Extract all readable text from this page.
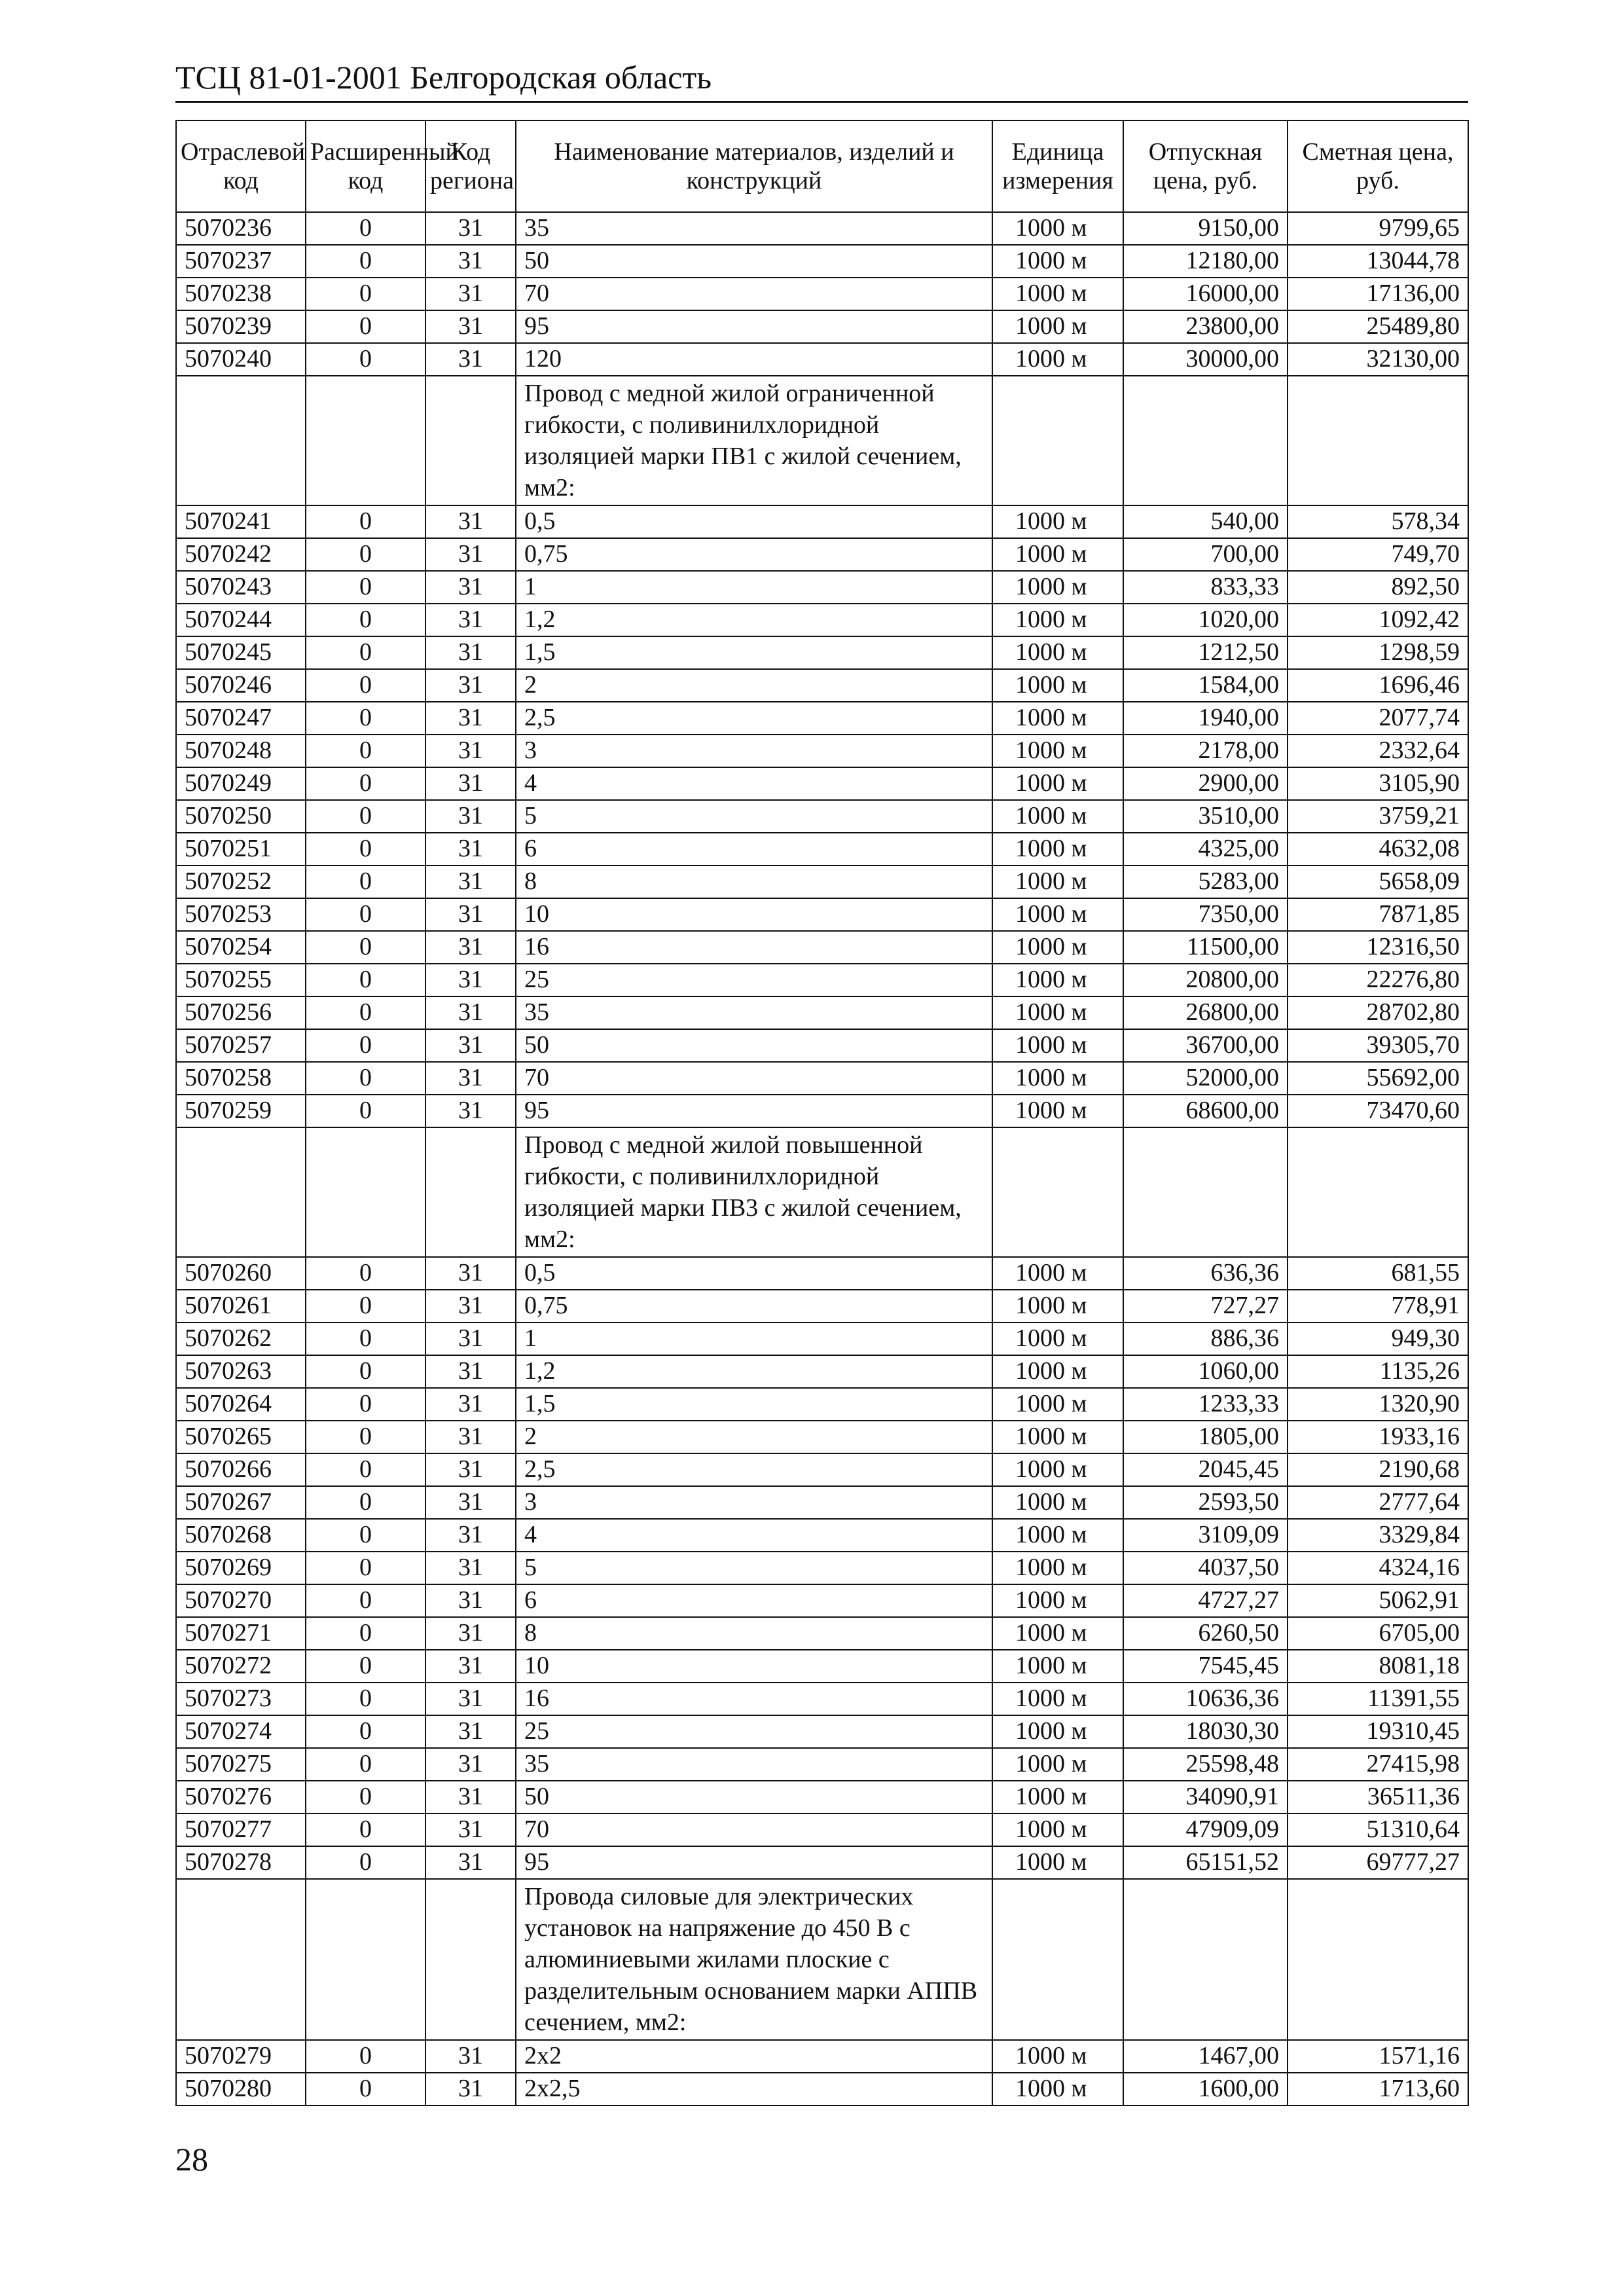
ТСЦ 81-01-2001 Белгородская область
Отраслевой код	Расширенный код	Код региона	Наименование материалов, изделий и конструкций	Единица измерения	Отпускная цена, руб.	Сметная цена, руб.
5070236	0	31	35	1000 м	9150,00	9799,65
5070237	0	31	50	1000 м	12180,00	13044,78
5070238	0	31	70	1000 м	16000,00	17136,00
5070239	0	31	95	1000 м	23800,00	25489,80
5070240	0	31	120	1000 м	30000,00	32130,00
			Провод с медной жилой ограниченной гибкости, с поливинилхлоридной изоляцией марки ПВ1 с жилой сечением, мм2:			
5070241	0	31	0,5	1000 м	540,00	578,34
5070242	0	31	0,75	1000 м	700,00	749,70
5070243	0	31	1	1000 м	833,33	892,50
5070244	0	31	1,2	1000 м	1020,00	1092,42
5070245	0	31	1,5	1000 м	1212,50	1298,59
5070246	0	31	2	1000 м	1584,00	1696,46
5070247	0	31	2,5	1000 м	1940,00	2077,74
5070248	0	31	3	1000 м	2178,00	2332,64
5070249	0	31	4	1000 м	2900,00	3105,90
5070250	0	31	5	1000 м	3510,00	3759,21
5070251	0	31	6	1000 м	4325,00	4632,08
5070252	0	31	8	1000 м	5283,00	5658,09
5070253	0	31	10	1000 м	7350,00	7871,85
5070254	0	31	16	1000 м	11500,00	12316,50
5070255	0	31	25	1000 м	20800,00	22276,80
5070256	0	31	35	1000 м	26800,00	28702,80
5070257	0	31	50	1000 м	36700,00	39305,70
5070258	0	31	70	1000 м	52000,00	55692,00
5070259	0	31	95	1000 м	68600,00	73470,60
			Провод с медной жилой повышенной гибкости, с поливинилхлоридной изоляцией марки ПВ3 с жилой сечением, мм2:			
5070260	0	31	0,5	1000 м	636,36	681,55
5070261	0	31	0,75	1000 м	727,27	778,91
5070262	0	31	1	1000 м	886,36	949,30
5070263	0	31	1,2	1000 м	1060,00	1135,26
5070264	0	31	1,5	1000 м	1233,33	1320,90
5070265	0	31	2	1000 м	1805,00	1933,16
5070266	0	31	2,5	1000 м	2045,45	2190,68
5070267	0	31	3	1000 м	2593,50	2777,64
5070268	0	31	4	1000 м	3109,09	3329,84
5070269	0	31	5	1000 м	4037,50	4324,16
5070270	0	31	6	1000 м	4727,27	5062,91
5070271	0	31	8	1000 м	6260,50	6705,00
5070272	0	31	10	1000 м	7545,45	8081,18
5070273	0	31	16	1000 м	10636,36	11391,55
5070274	0	31	25	1000 м	18030,30	19310,45
5070275	0	31	35	1000 м	25598,48	27415,98
5070276	0	31	50	1000 м	34090,91	36511,36
5070277	0	31	70	1000 м	47909,09	51310,64
5070278	0	31	95	1000 м	65151,52	69777,27
			Провода силовые для электрических установок на напряжение до 450 В с алюминиевыми жилами плоские с разделительным основанием марки АППВ сечением, мм2:			
5070279	0	31	2х2	1000 м	1467,00	1571,16
5070280	0	31	2х2,5	1000 м	1600,00	1713,60
28
